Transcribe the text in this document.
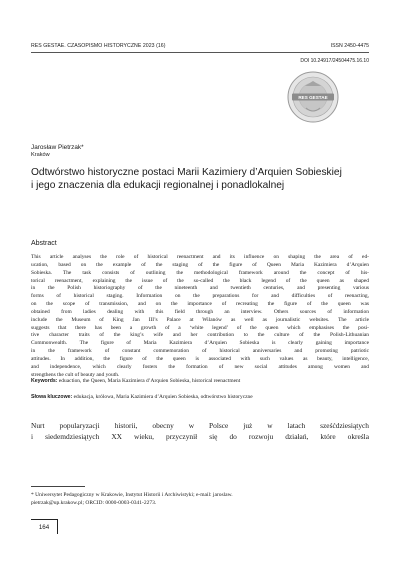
RES GESTAE. CZASOPISMO HISTORYCZNE 2023 (16)	ISSN 2450-4475
DOI 10.24917/24504475.16.10
RES GESTAE
Jarosław Pietrzak*
Kraków
Odtwórstwo historyczne postaci Marii Kazimiery d’Arquien Sobieskiej
i jego znaczenia dla edukacji regionalnej i ponadlokalnej
Abstract
This article analyses the role of historical reenactment and its influence on shaping the area of ed-
ucation, based on the example of the staging of the figure of Queen Maria Kazimiera d’Arquien
Sobieska. The task consists of outlining the methodological framework around the concept of his-
torical reenactment, explaining the issue of the so-called the black legend of the queen as shaped
in the Polish historiography of the nineteenth and twentieth centuries, and presenting various
forms of historical staging. Information on the preparations for and difficulties of reenacting,
on the scope of transmission, and on the importance of recreating the figure of the queen was
obtained from ladies dealing with this field through an interview. Others sources of information
include the Museum of King Jan III’s Palace at Wilanów as well as journalistic websites. The article
suggests that there has been a growth of a ‘white legend’ of the queen which emphasises the posi-
tive character traits of the king’s wife and her contribution to the culture of the Polish-Lithuanian
Commonwealth. The figure of Maria Kazimiera d’Arquien Sobieska is clearly gaining importance
in the framework of constant commemoration of historical anniversaries and promoting patriotic
attitudes. In addition, the figure of the queen is associated with such values as beauty, intelligence,
and independence, which clearly fosters the formation of new social attitudes among women and
strengthens the cult of beauty and youth.
Keywords: eduaction, the Queen, Maria Kazimiera d’Arquien Sobieska, historical reenactment
Słowa kluczowe: edukacja, królowa, Maria Kazimiera d’Arquien Sobieska, odtwórstwo historyczne
Nurt popularyzacji historii, obecny w Polsce już w latach sześćdziesiątych
i siedemdziesiątych XX wieku, przyczynił się do rozwoju działań, które określa
* Uniwersytet Pedagogiczny w Krakowie, Instytut Historii i Archiwistyki; e-mail: jaroslaw.
pietrzak@up.krakow.pl; ORCID: 0000-0003-0341-2273.
164
